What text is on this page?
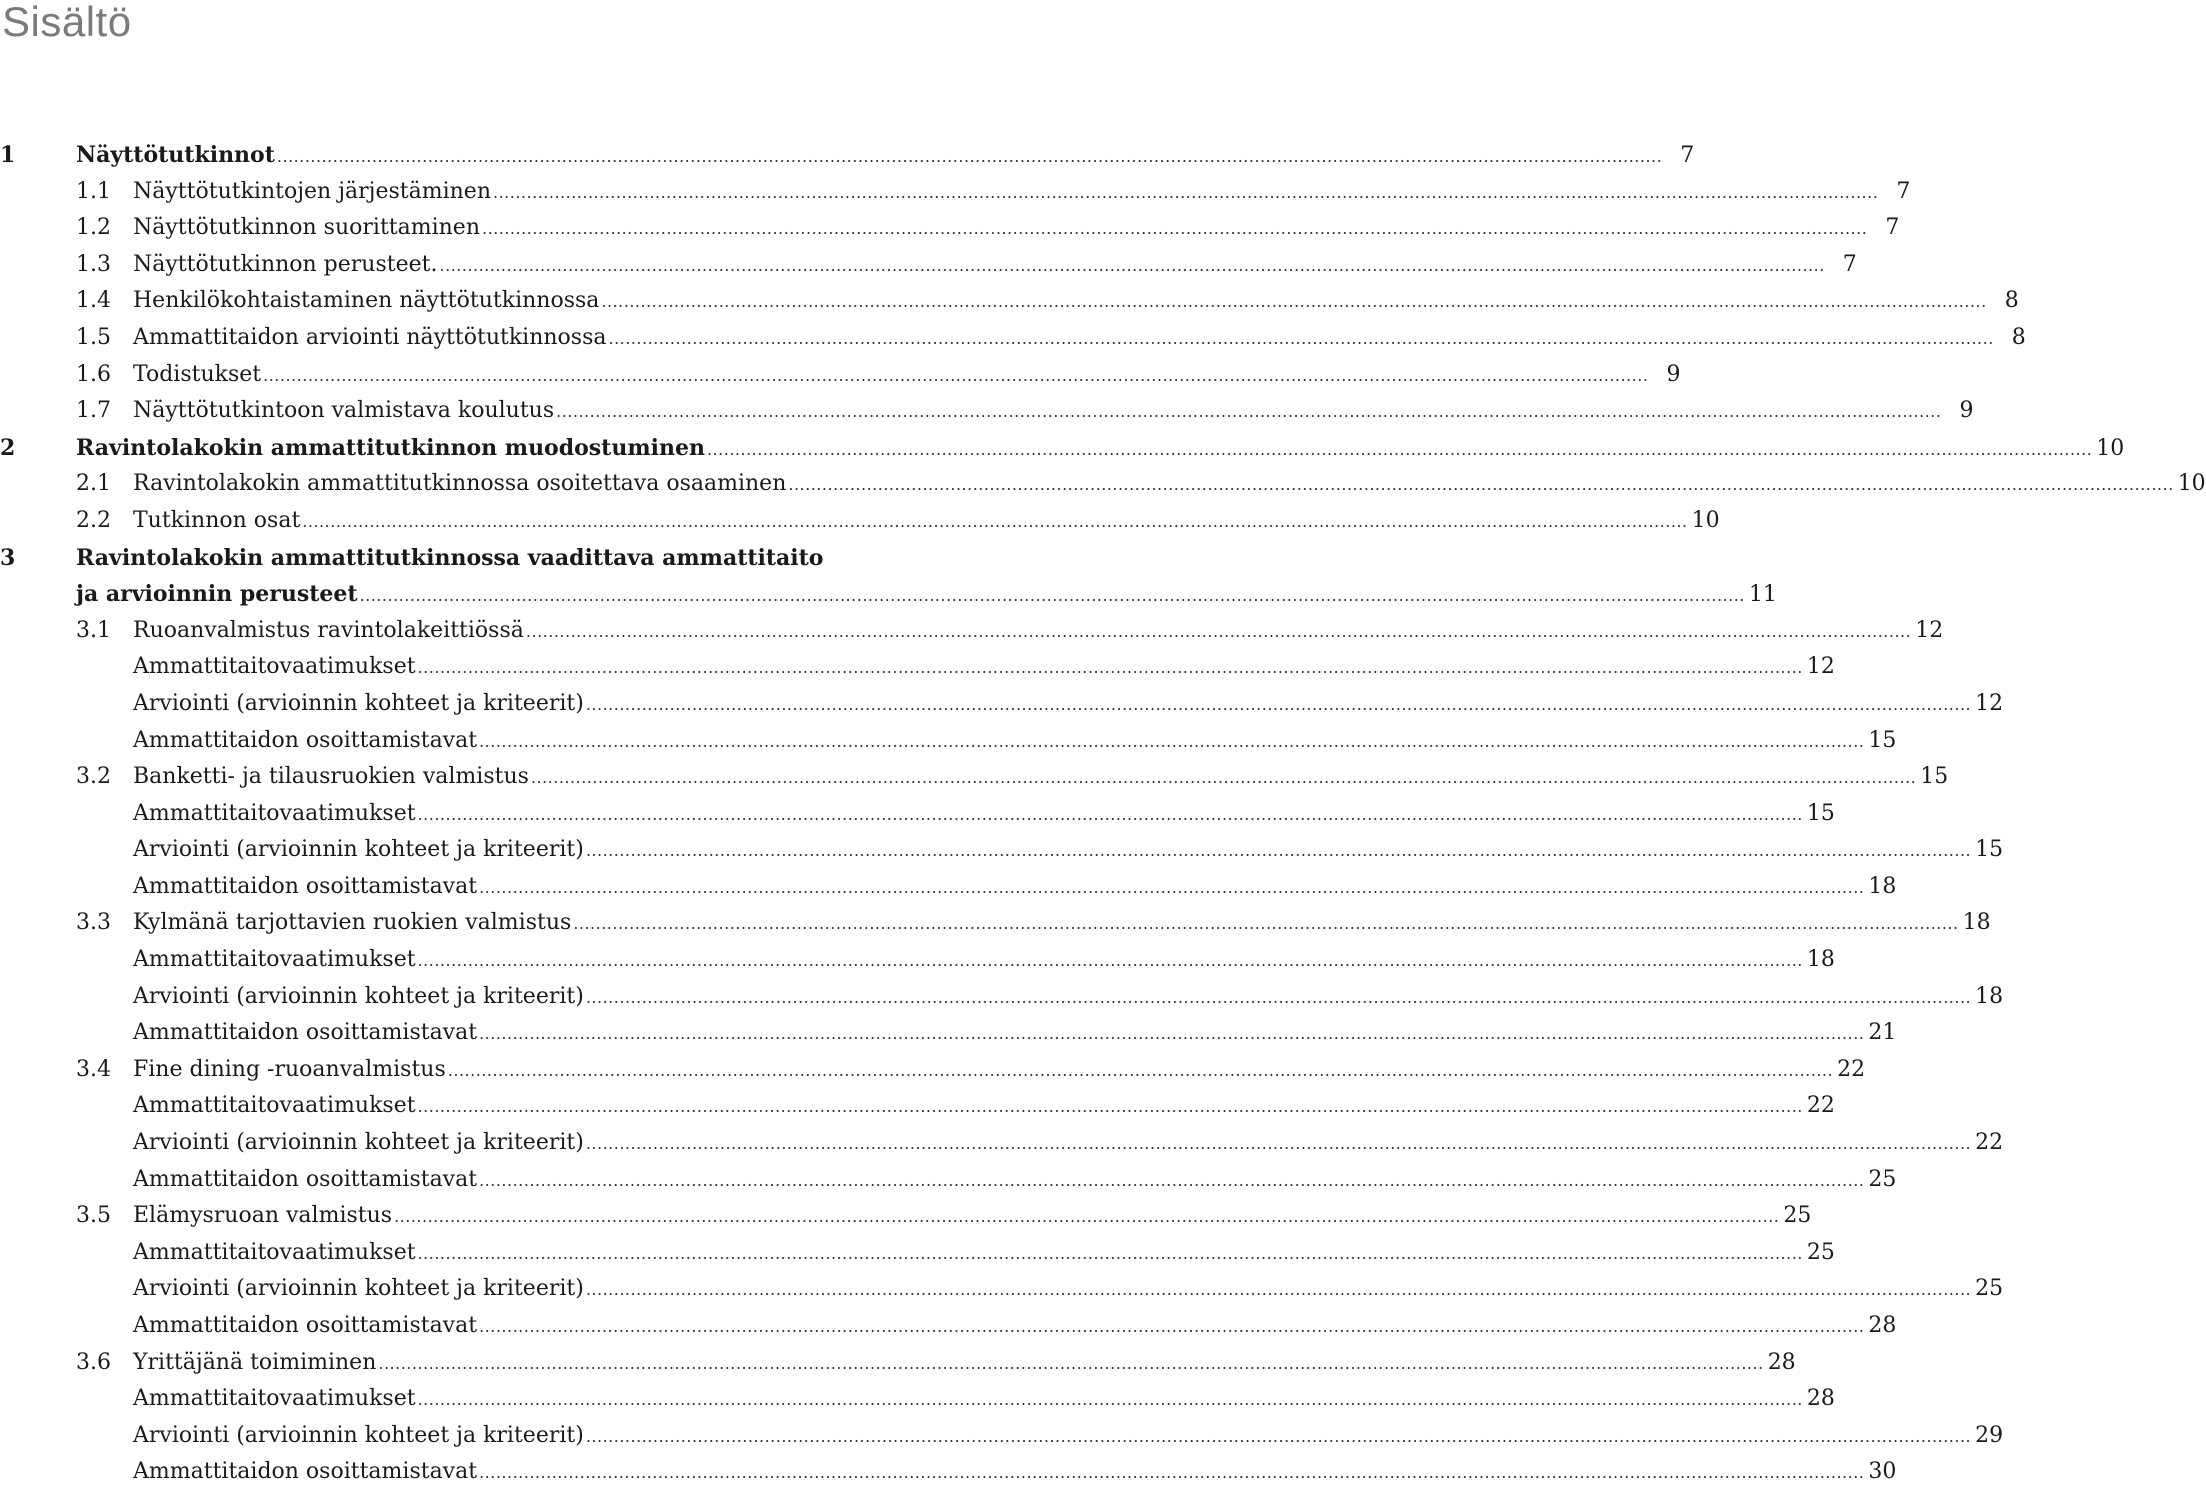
Sisältö
1	Näyttötutkinnot .....	7
1.1 Näyttötutkintojen järjestäminen .....	7
1.2 Näyttötutkinnon suorittaminen .....	7
1.3 Näyttötutkinnon perusteet. .....	7
1.4 Henkilökohtaistaminen näyttötutkinnossa .....	8
1.5 Ammattitaidon arviointi näyttötutkinnossa .....	8
1.6 Todistukset .....	9
1.7 Näyttötutkintoon valmistava koulutus .....	9
2	Ravintolakokin ammattitutkinnon muodostuminen .....	10
2.1 Ravintolakokin ammattitutkinnossa osoitettava osaaminen .....	10
2.2 Tutkinnon osat .....	10
3	Ravintolakokin ammattitutkinnossa vaadittava ammattitaito
ja arvioinnin perusteet .....	11
3.1 Ruoanvalmistus ravintolakeittiössä .....	12
Ammattitaitovaatimukset .....	12
Arviointi (arvioinnin kohteet ja kriteerit) .....	12
Ammattitaidon osoittamistavat .....	15
3.2 Banketti- ja tilausruokien valmistus .....	15
Ammattitaitovaatimukset .....	15
Arviointi (arvioinnin kohteet ja kriteerit) .....	15
Ammattitaidon osoittamistavat .....	18
3.3 Kylmänä tarjottavien ruokien valmistus .....	18
Ammattitaitovaatimukset .....	18
Arviointi (arvioinnin kohteet ja kriteerit) .....	18
Ammattitaidon osoittamistavat .....	21
3.4 Fine dining -ruoanvalmistus .....	22
Ammattitaitovaatimukset .....	22
Arviointi (arvioinnin kohteet ja kriteerit) .....	22
Ammattitaidon osoittamistavat .....	25
3.5 Elämysruoan valmistus .....	25
Ammattitaitovaatimukset .....	25
Arviointi (arvioinnin kohteet ja kriteerit) .....	25
Ammattitaidon osoittamistavat .....	28
3.6 Yrittäjänä toimiminen .....	28
Ammattitaitovaatimukset .....	28
Arviointi (arvioinnin kohteet ja kriteerit) .....	29
Ammattitaidon osoittamistavat .....	30
